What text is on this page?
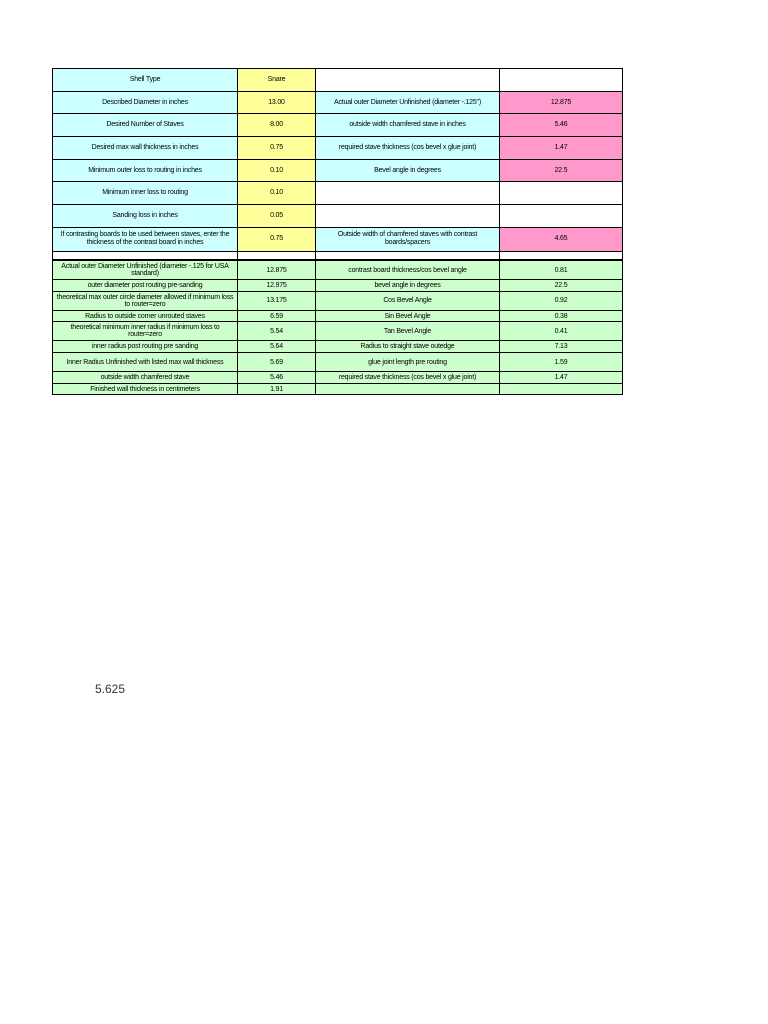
Shell Type	Snare		
Described Diameter in inches	13.00	Actual outer Diameter Unfinished (diameter -.125")	12.875
Desired Number of Staves	8.00	outside width chamfered stave in inches	5.46
Desired max wall thickness in inches	0.75	required stave thickness (cos bevel x glue joint)	1.47
Minimum outer loss to routing in inches	0.10	Bevel angle in degrees	22.5
Minimum inner loss to routing	0.10		
Sanding loss in inches	0.05		
If contrasting boards to be used between staves, enter the thickness of the contrast board in inches	0.75	Outside width of chamfered staves with contrast boards/spacers	4.65

Actual outer Diameter Unfinished (diameter -.125 for USA standard)	12.875	contrast board thickness/cos bevel angle	0.81
outer diameter post routing pre-sanding	12.975	bevel angle in degrees	22.5
theoretical max outer circle diameter allowed if minimum loss to router=zero	13.175	Cos Bevel Angle	0.92
Radius to outside corner unrouted staves	6.59	Sin Bevel Angle	0.38
theoretical minimum inner radius if minimum loss to router=zero	5.54	Tan Bevel Angle	0.41
inner radius post routing pre sanding	5.64	Radius to straight stave outedge	7.13
Inner Radius Unfinished with listed max wall thickness	5.69	glue joint length pre routing	1.59
outside width chamfered stave	5.46	required stave thickness (cos bevel x glue joint)	1.47
Finished wall thickness in centimeters	1.91		
5.625
